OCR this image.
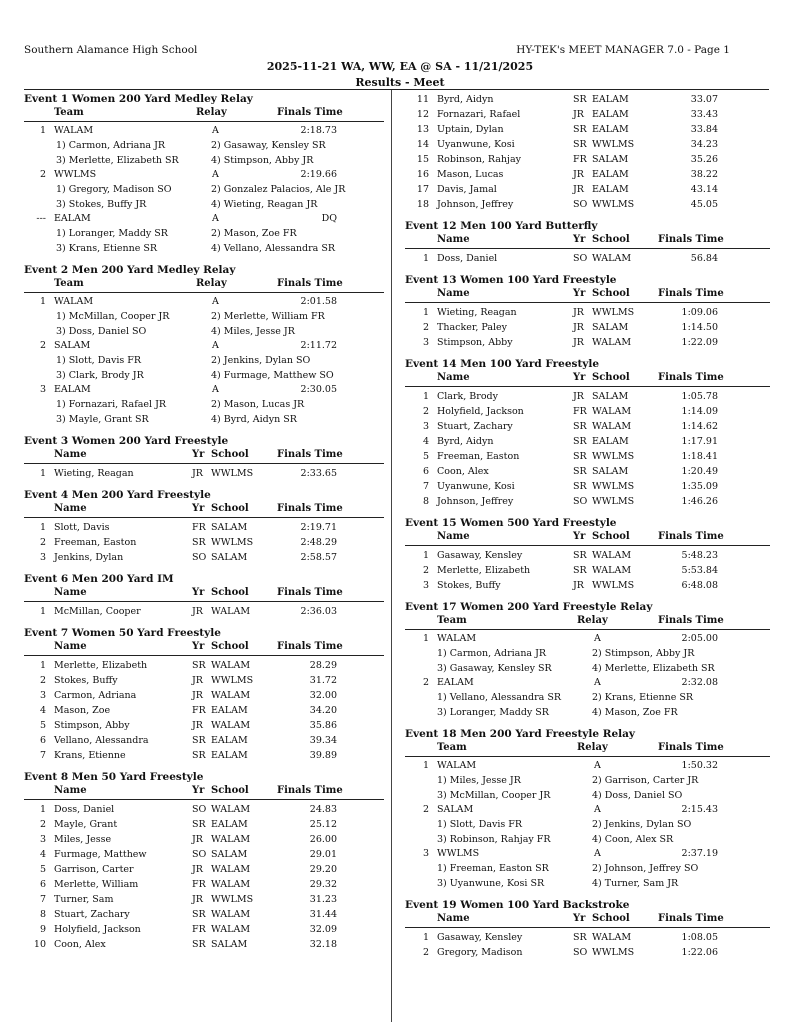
Southern Alamance High School	HY-TEK's MEET MANAGER 7.0 - Page 1
2025-11-21 WA, WW, EA @ SA - 11/21/2025
Results - Meet
Event 1 Women 200 Yard Medley Relay
Team	Relay	Finals Time
1 WALAM	A	2:18.73
1) Carmon, Adriana JR	2) Gasaway, Kensley SR
3) Merlette, Elizabeth SR	4) Stimpson, Abby JR
2 WWLMS	A	2:19.66
1) Gregory, Madison SO	2) Gonzalez Palacios, Ale JR
3) Stokes, Buffy JR	4) Wieting, Reagan JR
--- EALAM	A	DQ
1) Loranger, Maddy SR	2) Mason, Zoe FR
3) Krans, Etienne SR	4) Vellano, Alessandra SR
Event 2 Men 200 Yard Medley Relay
Team	Relay	Finals Time
1 WALAM	A	2:01.58
1) McMillan, Cooper JR	2) Merlette, William FR
3) Doss, Daniel SO	4) Miles, Jesse JR
2 SALAM	A	2:11.72
1) Slott, Davis FR	2) Jenkins, Dylan SO
3) Clark, Brody JR	4) Furmage, Matthew SO
3 EALAM	A	2:30.05
1) Fornazari, Rafael JR	2) Mason, Lucas JR
3) Mayle, Grant SR	4) Byrd, Aidyn SR
Event 3 Women 200 Yard Freestyle
Name	Yr School	Finals Time
1 Wieting, Reagan	JR WWLMS	2:33.65
Event 4 Men 200 Yard Freestyle
Name	Yr School	Finals Time
1 Slott, Davis	FR SALAM	2:19.71
2 Freeman, Easton	SR WWLMS	2:48.29
3 Jenkins, Dylan	SO SALAM	2:58.57
Event 6 Men 200 Yard IM
Name	Yr School	Finals Time
1 McMillan, Cooper	JR WALAM	2:36.03
Event 7 Women 50 Yard Freestyle
Name	Yr School	Finals Time
1 Merlette, Elizabeth	SR WALAM	28.29
2 Stokes, Buffy	JR WWLMS	31.72
3 Carmon, Adriana	JR WALAM	32.00
4 Mason, Zoe	FR EALAM	34.20
5 Stimpson, Abby	JR WALAM	35.86
6 Vellano, Alessandra	SR EALAM	39.34
7 Krans, Etienne	SR EALAM	39.89
Event 8 Men 50 Yard Freestyle
Name	Yr School	Finals Time
1 Doss, Daniel	SO WALAM	24.83
2 Mayle, Grant	SR EALAM	25.12
3 Miles, Jesse	JR WALAM	26.00
4 Furmage, Matthew	SO SALAM	29.01
5 Garrison, Carter	JR WALAM	29.20
6 Merlette, William	FR WALAM	29.32
7 Turner, Sam	JR WWLMS	31.23
8 Stuart, Zachary	SR WALAM	31.44
9 Holyfield, Jackson	FR WALAM	32.09
10 Coon, Alex	SR SALAM	32.18
11 Byrd, Aidyn	SR EALAM	33.07
12 Fornazari, Rafael	JR EALAM	33.43
13 Uptain, Dylan	SR EALAM	33.84
14 Uyanwune, Kosi	SR WWLMS	34.23
15 Robinson, Rahjay	FR SALAM	35.26
16 Mason, Lucas	JR EALAM	38.22
17 Davis, Jamal	JR EALAM	43.14
18 Johnson, Jeffrey	SO WWLMS	45.05
Event 12 Men 100 Yard Butterfly
Name	Yr School	Finals Time
1 Doss, Daniel	SO WALAM	56.84
Event 13 Women 100 Yard Freestyle
Name	Yr School	Finals Time
1 Wieting, Reagan	JR WWLMS	1:09.06
2 Thacker, Paley	JR SALAM	1:14.50
3 Stimpson, Abby	JR WALAM	1:22.09
Event 14 Men 100 Yard Freestyle
Name	Yr School	Finals Time
1 Clark, Brody	JR SALAM	1:05.78
2 Holyfield, Jackson	FR WALAM	1:14.09
3 Stuart, Zachary	SR WALAM	1:14.62
4 Byrd, Aidyn	SR EALAM	1:17.91
5 Freeman, Easton	SR WWLMS	1:18.41
6 Coon, Alex	SR SALAM	1:20.49
7 Uyanwune, Kosi	SR WWLMS	1:35.09
8 Johnson, Jeffrey	SO WWLMS	1:46.26
Event 15 Women 500 Yard Freestyle
Name	Yr School	Finals Time
1 Gasaway, Kensley	SR WALAM	5:48.23
2 Merlette, Elizabeth	SR WALAM	5:53.84
3 Stokes, Buffy	JR WWLMS	6:48.08
Event 17 Women 200 Yard Freestyle Relay
Team	Relay	Finals Time
1 WALAM	A	2:05.00
1) Carmon, Adriana JR	2) Stimpson, Abby JR
3) Gasaway, Kensley SR	4) Merlette, Elizabeth SR
2 EALAM	A	2:32.08
1) Vellano, Alessandra SR	2) Krans, Etienne SR
3) Loranger, Maddy SR	4) Mason, Zoe FR
Event 18 Men 200 Yard Freestyle Relay
Team	Relay	Finals Time
1 WALAM	A	1:50.32
1) Miles, Jesse JR	2) Garrison, Carter JR
3) McMillan, Cooper JR	4) Doss, Daniel SO
2 SALAM	A	2:15.43
1) Slott, Davis FR	2) Jenkins, Dylan SO
3) Robinson, Rahjay FR	4) Coon, Alex SR
3 WWLMS	A	2:37.19
1) Freeman, Easton SR	2) Johnson, Jeffrey SO
3) Uyanwune, Kosi SR	4) Turner, Sam JR
Event 19 Women 100 Yard Backstroke
Name	Yr School	Finals Time
1 Gasaway, Kensley	SR WALAM	1:08.05
2 Gregory, Madison	SO WWLMS	1:22.06
